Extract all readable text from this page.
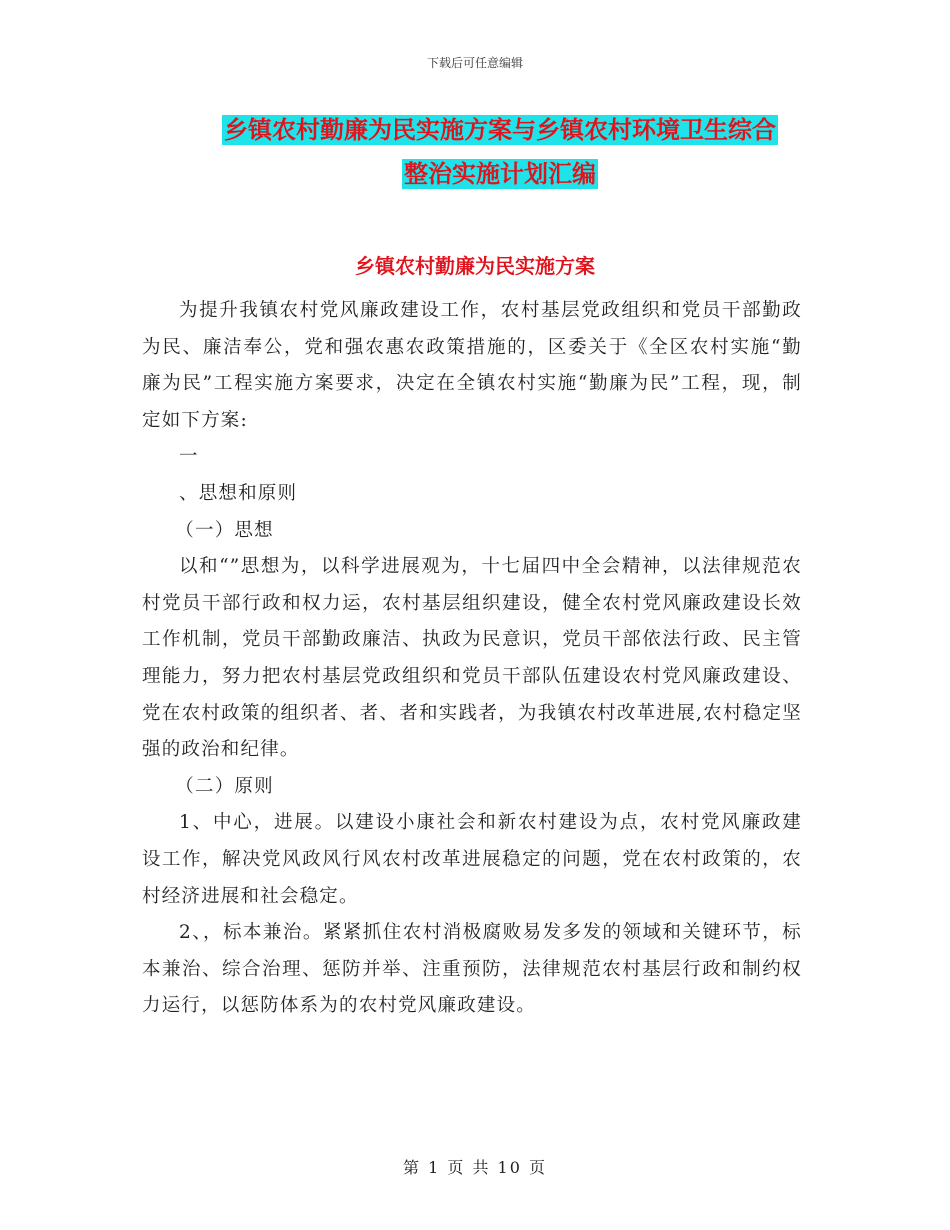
下载后可任意编辑
乡镇农村勤廉为民实施方案与乡镇农村环境卫生综合
整治实施计划汇编
乡镇农村勤廉为民实施方案

为提升我镇农村党风廉政建设工作，农村基层党政组织和党员干部勤政为民、廉洁奉公，党和强农惠农政策措施的，区委关于《全区农村实施“勤廉为民”工程实施方案要求，决定在全镇农村实施“勤廉为民”工程，现，制定如下方案:

一

、思想和原则

（一）思想

以和“”思想为，以科学进展观为，十七届四中全会精神，以法律规范农村党员干部行政和权力运，农村基层组织建设，健全农村党风廉政建设长效工作机制，党员干部勤政廉洁、执政为民意识，党员干部依法行政、民主管理能力，努力把农村基层党政组织和党员干部队伍建设农村党风廉政建设、党在农村政策的组织者、者、者和实践者，为我镇农村改革进展,农村稳定坚强的政治和纪律。

（二）原则

1、中心，进展。以建设小康社会和新农村建设为点，农村党风廉政建设工作，解决党风政风行风农村改革进展稳定的问题，党在农村政策的，农村经济进展和社会稳定。

2、，标本兼治。紧紧抓住农村消极腐败易发多发的领域和关键环节，标本兼治、综合治理、惩防并举、注重预防，法律规范农村基层行政和制约权力运行，以惩防体系为的农村党风廉政建设。

第 1 页 共 10 页
